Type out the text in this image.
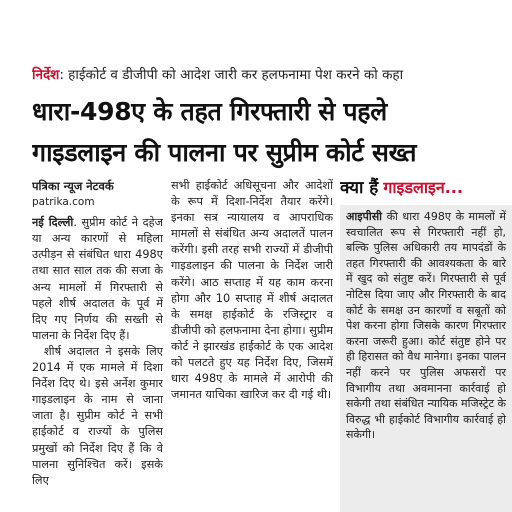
निर्देश: हाईकोर्ट व डीजीपी को आदेश जारी कर हलफनामा पेश करने को कहा
धारा-498ए के तहत गिरफ्तारी से पहले
गाइडलाइन की पालना पर सुप्रीम कोर्ट सख्त
पत्रिका न्यूज नेटवर्क
patrika.com

नई दिल्ली. सुप्रीम कोर्ट ने दहेज या अन्य कारणों से महिला उत्पीड़न से संबंधित धारा 498ए तथा सात साल तक की सजा के अन्य मामलों में गिरफ्तारी से पहले शीर्ष अदालत के पूर्व में दिए गए निर्णय की सख्ती से पालना के निर्देश दिए हैं।

शीर्ष अदालत ने इसके लिए 2014 में एक मामले में दिशा निर्देश दिए थे। इसे अर्नेश कुमार गाइडलाइन के नाम से जाना जाता है। सुप्रीम कोर्ट ने सभी हाईकोर्ट व राज्यों के पुलिस प्रमुखों को निर्देश दिए हैं कि वे पालना सुनिश्चित करें। इसके लिए

सभी हाईकोर्ट अधिसूचना और आदेशों के रूप में दिशा-निर्देश तैयार करेंगे। इनका सत्र न्यायालय व आपराधिक मामलों से संबंधित अन्य अदालतें पालन करेंगी। इसी तरह सभी राज्यों में डीजीपी गाइडलाइन की पालना के निर्देश जारी करेंगे। आठ सप्ताह में यह काम करना होगा और 10 सप्ताह में शीर्ष अदालत के समक्ष हाईकोर्ट के रजिस्ट्रार व डीजीपी को हलफनामा देना होगा। सुप्रीम कोर्ट ने झारखंड हाईकोर्ट के एक आदेश को पलटते हुए यह निर्देश दिए, जिसमें धारा 498ए के मामले में आरोपी की जमानत याचिका खारिज कर दी गई थी।

क्या हैं गाइडलाइन...
आइपीसी की धारा 498ए के मामलों में स्वचालित रूप से गिरफ्तारी नहीं हो, बल्कि पुलिस अधिकारी तय मापदंडों के तहत गिरफ्तारी की आवश्यकता के बारे में खुद को संतुष्ट करें। गिरफ्तारी से पूर्व नोटिस दिया जाए और गिरफ्तारी के बाद कोर्ट के समक्ष उन कारणों व सबूतों को पेश करना होगा जिसके कारण गिरफ्तार करना जरूरी हुआ। कोर्ट संतुष्ट होने पर ही हिरासत को वैध मानेगा। इनका पालन नहीं करने पर पुलिस अफसरों पर विभागीय तथा अवमानना कार्रवाई हो सकेगी तथा संबंधित न्यायिक मजिस्ट्रेट के विरुद्ध भी हाईकोर्ट विभागीय कार्रवाई हो सकेगी।
